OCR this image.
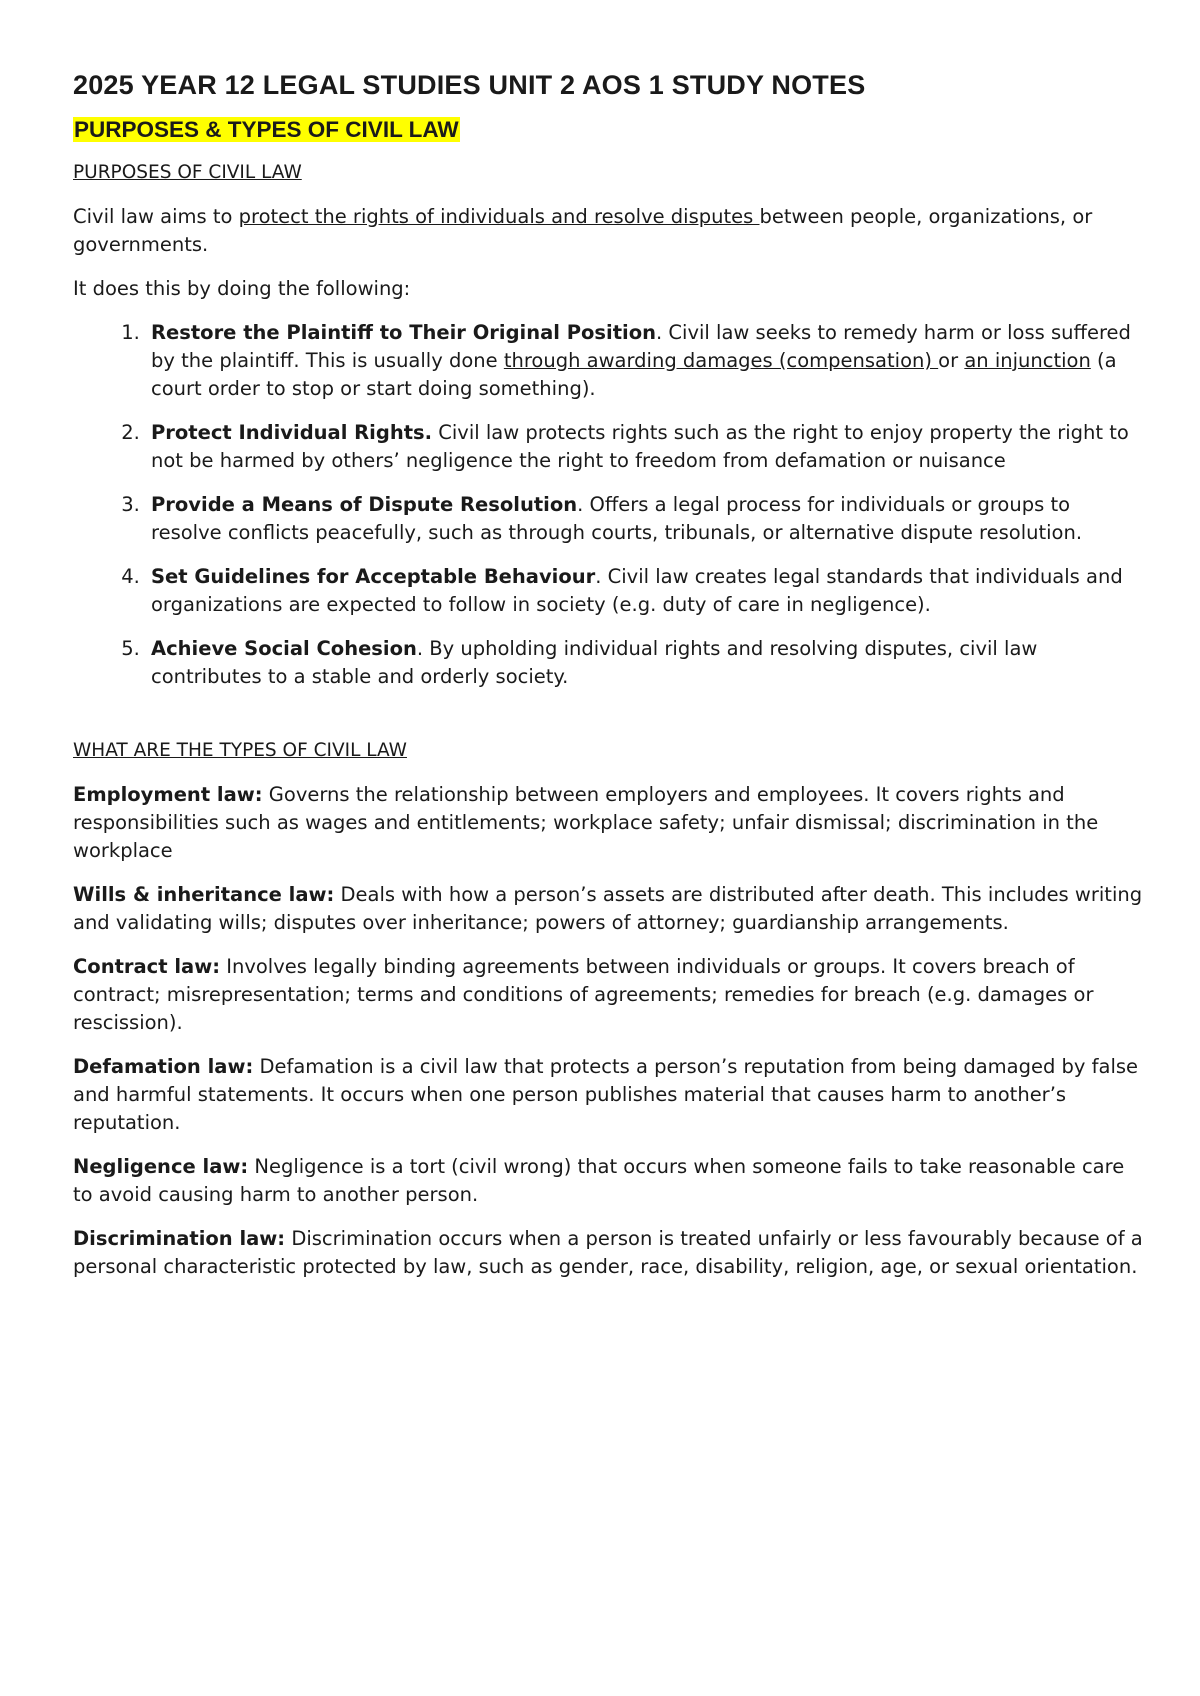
2025 YEAR 12 LEGAL STUDIES UNIT 2 AOS 1 STUDY NOTES
PURPOSES & TYPES OF CIVIL LAW
PURPOSES OF CIVIL LAW

Civil law aims to protect the rights of individuals and resolve disputes between people, organizations, or governments.

It does this by doing the following:

1. Restore the Plaintiff to Their Original Position. Civil law seeks to remedy harm or loss suffered by the plaintiff. This is usually done through awarding damages (compensation) or an injunction (a court order to stop or start doing something).
2. Protect Individual Rights. Civil law protects rights such as the right to enjoy property the right to not be harmed by others’ negligence the right to freedom from defamation or nuisance
3. Provide a Means of Dispute Resolution. Offers a legal process for individuals or groups to resolve conflicts peacefully, such as through courts, tribunals, or alternative dispute resolution.
4. Set Guidelines for Acceptable Behaviour. Civil law creates legal standards that individuals and organizations are expected to follow in society (e.g. duty of care in negligence).
5. Achieve Social Cohesion. By upholding individual rights and resolving disputes, civil law contributes to a stable and orderly society.
WHAT ARE THE TYPES OF CIVIL LAW

Employment law: Governs the relationship between employers and employees. It covers rights and responsibilities such as wages and entitlements; workplace safety; unfair dismissal; discrimination in the workplace

Wills & inheritance law: Deals with how a person’s assets are distributed after death. This includes writing and validating wills; disputes over inheritance; powers of attorney; guardianship arrangements.

Contract law: Involves legally binding agreements between individuals or groups. It covers breach of contract; misrepresentation; terms and conditions of agreements; remedies for breach (e.g. damages or rescission).

Defamation law: Defamation is a civil law that protects a person’s reputation from being damaged by false and harmful statements. It occurs when one person publishes material that causes harm to another’s reputation.

Negligence law: Negligence is a tort (civil wrong) that occurs when someone fails to take reasonable care to avoid causing harm to another person.

Discrimination law: Discrimination occurs when a person is treated unfairly or less favourably because of a personal characteristic protected by law, such as gender, race, disability, religion, age, or sexual orientation.
